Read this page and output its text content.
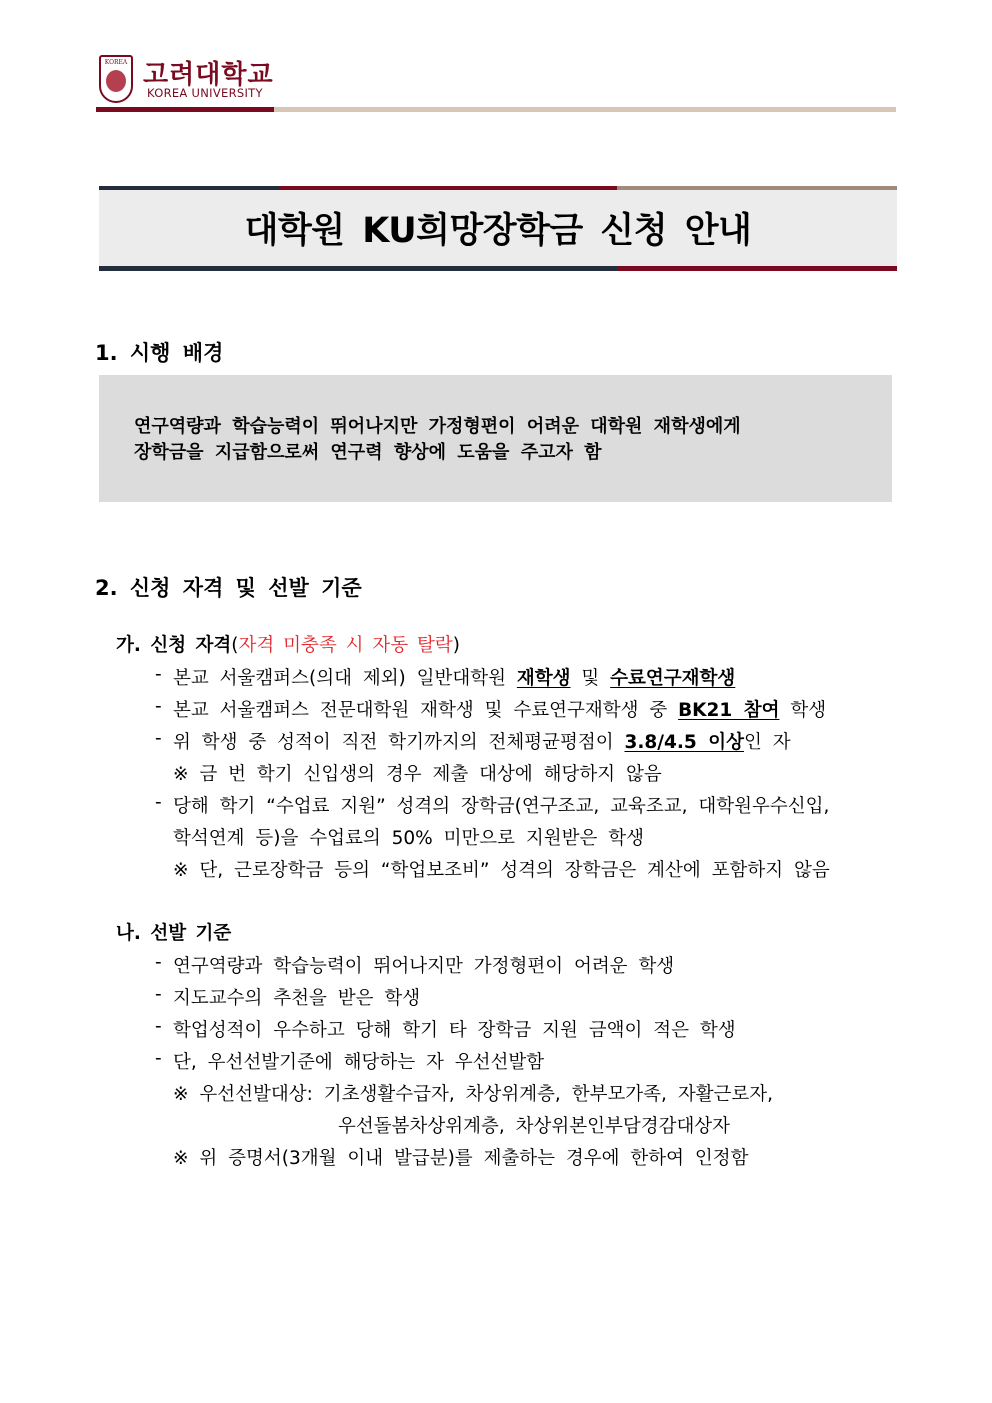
KOREA 고려대학교
KOREA UNIVERSITY
대학원 KU희망장학금 신청 안내
1. 시행 배경
연구역량과 학습능력이 뛰어나지만 가정형편이 어려운 대학원 재학생에게
장학금을 지급함으로써 연구력 향상에 도움을 주고자 함
2. 신청 자격 및 선발 기준
가. 신청 자격(자격 미충족 시 자동 탈락)
- 본교 서울캠퍼스(의대 제외) 일반대학원 재학생 및 수료연구재학생
- 본교 서울캠퍼스 전문대학원 재학생 및 수료연구재학생 중 BK21 참여 학생
- 위 학생 중 성적이 직전 학기까지의 전체평균평점이 3.8/4.5 이상인 자
※ 금 번 학기 신입생의 경우 제출 대상에 해당하지 않음
- 당해 학기 “수업료 지원” 성격의 장학금(연구조교, 교육조교, 대학원우수신입,
학석연계 등)을 수업료의 50% 미만으로 지원받은 학생
※ 단, 근로장학금 등의 “학업보조비” 성격의 장학금은 계산에 포함하지 않음
나. 선발 기준
- 연구역량과 학습능력이 뛰어나지만 가정형편이 어려운 학생
- 지도교수의 추천을 받은 학생
- 학업성적이 우수하고 당해 학기 타 장학금 지원 금액이 적은 학생
- 단, 우선선발기준에 해당하는 자 우선선발함
※ 우선선발대상: 기초생활수급자, 차상위계층, 한부모가족, 자활근로자,
우선돌봄차상위계층, 차상위본인부담경감대상자
※ 위 증명서(3개월 이내 발급분)를 제출하는 경우에 한하여 인정함
